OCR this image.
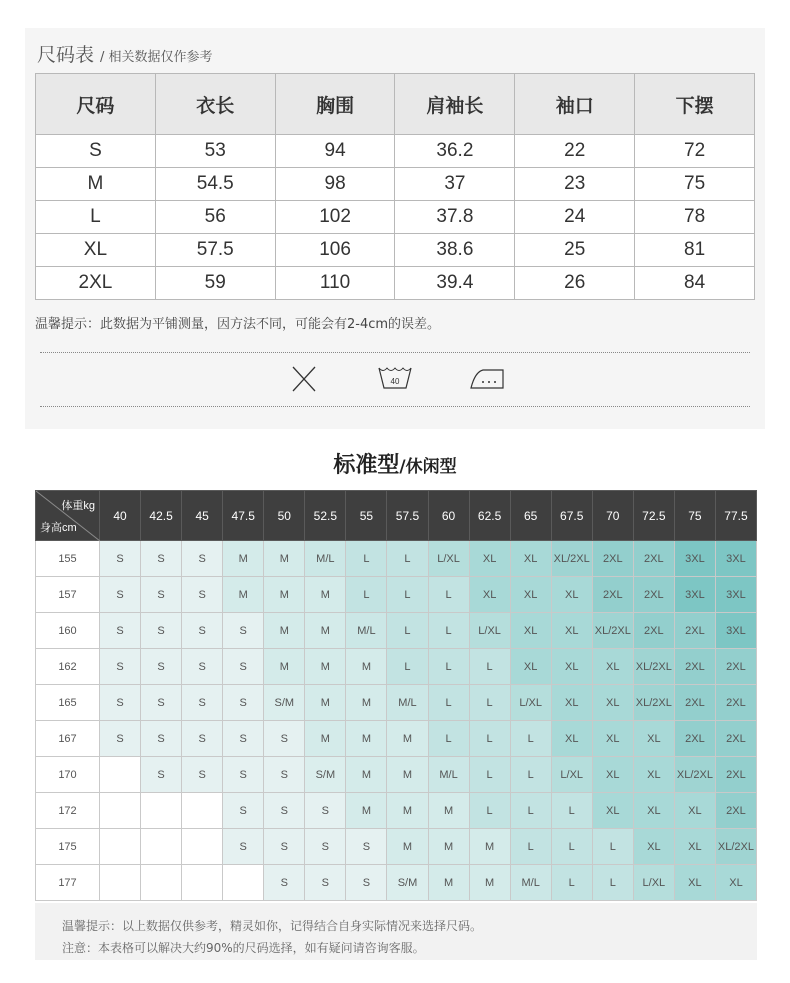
尺码表 / 相关数据仅作参考
尺码	衣长	胸围	肩袖长	袖口	下摆
S	53	94	36.2	22	72
M	54.5	98	37	23	75
L	56	102	37.8	24	78
XL	57.5	106	38.6	25	81
2XL	59	110	39.4	26	84

温馨提示：此数据为平铺测量，因方法不同，可能会有2-4cm的误差。

40
标准型/休闲型
体重kg
身高cm	40	42.5	45	47.5	50	52.5	55	57.5	60	62.5	65	67.5	70	72.5	75	77.5
155	S	S	S	M	M	M/L	L	L	L/XL	XL	XL	XL/2XL	2XL	2XL	3XL	3XL
157	S	S	S	M	M	M	L	L	L	XL	XL	XL	2XL	2XL	3XL	3XL
160	S	S	S	S	M	M	M/L	L	L	L/XL	XL	XL	XL/2XL	2XL	2XL	3XL
162	S	S	S	S	M	M	M	L	L	L	XL	XL	XL	XL/2XL	2XL	2XL
165	S	S	S	S	S/M	M	M	M/L	L	L	L/XL	XL	XL	XL/2XL	2XL	2XL
167	S	S	S	S	S	M	M	M	L	L	L	XL	XL	XL	2XL	2XL
170		S	S	S	S	S/M	M	M	M/L	L	L	L/XL	XL	XL	XL/2XL	2XL
172				S	S	S	M	M	M	L	L	L	XL	XL	XL	2XL
175				S	S	S	S	M	M	M	L	L	L	XL	XL	XL/2XL
177					S	S	S	S/M	M	M	M/L	L	L	L/XL	XL	XL

温馨提示：以上数据仅供参考，精灵如你，记得结合自身实际情况来选择尺码。

注意：本表格可以解决大约90%的尺码选择，如有疑问请咨询客服。
